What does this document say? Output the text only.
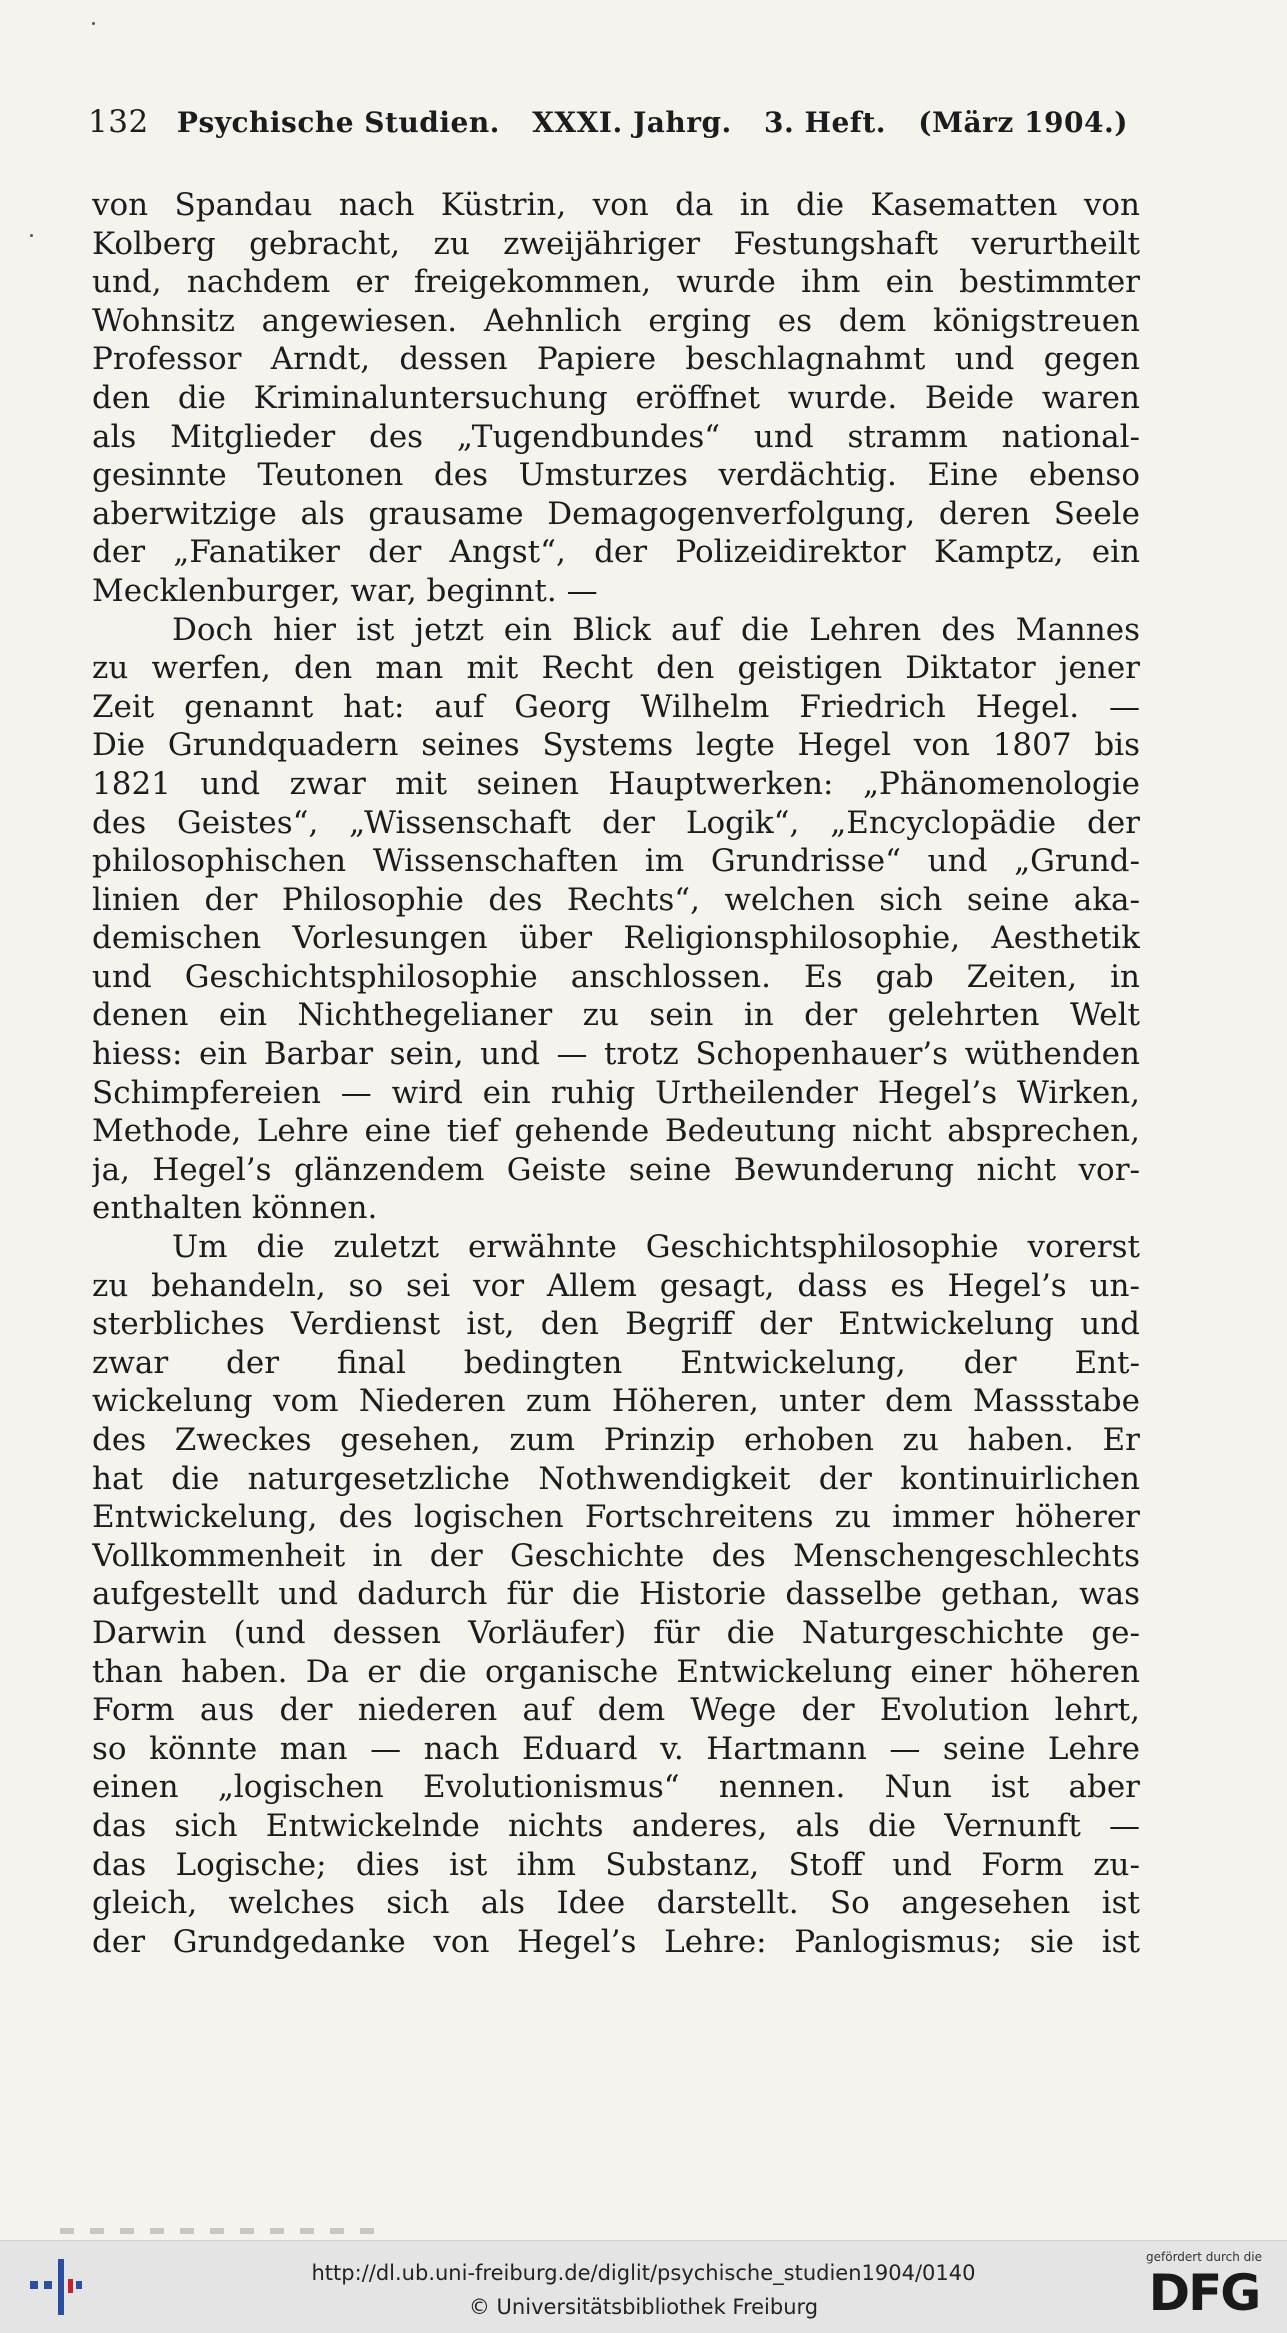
132 Psychische Studien. XXXI. Jahrg. 3. Heft. (März 1904.)
von Spandau nach Küstrin, von da in die Kasematten von
Kolberg gebracht, zu zweijähriger Festungshaft verurtheilt
und, nachdem er freigekommen, wurde ihm ein bestimmter
Wohnsitz angewiesen. Aehnlich erging es dem königstreuen
Professor Arndt, dessen Papiere beschlagnahmt und gegen
den die Kriminaluntersuchung eröffnet wurde. Beide waren
als Mitglieder des „Tugendbundes“ und stramm national-
gesinnte Teutonen des Umsturzes verdächtig. Eine ebenso
aberwitzige als grausame Demagogenverfolgung, deren Seele
der „Fanatiker der Angst“, der Polizeidirektor Kamptz, ein
Mecklenburger, war, beginnt. —
Doch hier ist jetzt ein Blick auf die Lehren des Mannes
zu werfen, den man mit Recht den geistigen Diktator jener
Zeit genannt hat: auf Georg Wilhelm Friedrich Hegel. —
Die Grundquadern seines Systems legte Hegel von 1807 bis
1821 und zwar mit seinen Hauptwerken: „Phänomenologie
des Geistes“, „Wissenschaft der Logik“, „Encyclopädie der
philosophischen Wissenschaften im Grundrisse“ und „Grund-
linien der Philosophie des Rechts“, welchen sich seine aka-
demischen Vorlesungen über Religionsphilosophie, Aesthetik
und Geschichtsphilosophie anschlossen. Es gab Zeiten, in
denen ein Nichthegelianer zu sein in der gelehrten Welt
hiess: ein Barbar sein, und — trotz Schopenhauer’s wüthenden
Schimpfereien — wird ein ruhig Urtheilender Hegel’s Wirken,
Methode, Lehre eine tief gehende Bedeutung nicht absprechen,
ja, Hegel’s glänzendem Geiste seine Bewunderung nicht vor-
enthalten können.
Um die zuletzt erwähnte Geschichtsphilosophie vorerst
zu behandeln, so sei vor Allem gesagt, dass es Hegel’s un-
sterbliches Verdienst ist, den Begriff der Entwickelung und
zwar der final bedingten Entwickelung, der Ent-
wickelung vom Niederen zum Höheren, unter dem Massstabe
des Zweckes gesehen, zum Prinzip erhoben zu haben. Er
hat die naturgesetzliche Nothwendigkeit der kontinuirlichen
Entwickelung, des logischen Fortschreitens zu immer höherer
Vollkommenheit in der Geschichte des Menschengeschlechts
aufgestellt und dadurch für die Historie dasselbe gethan, was
Darwin (und dessen Vorläufer) für die Naturgeschichte ge-
than haben. Da er die organische Entwickelung einer höheren
Form aus der niederen auf dem Wege der Evolution lehrt,
so könnte man — nach Eduard v. Hartmann — seine Lehre
einen „logischen Evolutionismus“ nennen. Nun ist aber
das sich Entwickelnde nichts anderes, als die Vernunft —
das Logische; dies ist ihm Substanz, Stoff und Form zu-
gleich, welches sich als Idee darstellt. So angesehen ist
der Grundgedanke von Hegel’s Lehre: Panlogismus; sie ist
http://dl.ub.uni-freiburg.de/diglit/psychische_studien1904/0140
© Universitätsbibliothek Freiburg
gefördert durch die
DFG
